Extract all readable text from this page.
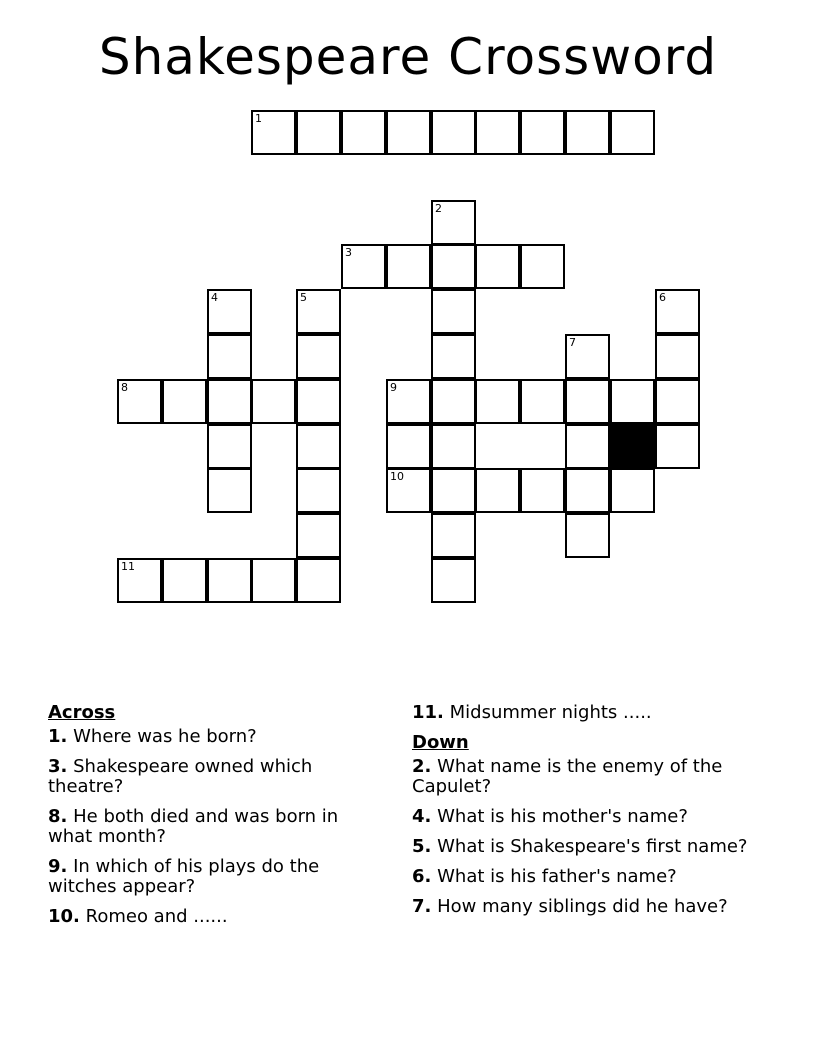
Shakespeare Crossword
1
3
2
4	5
8	9
6
7
10
11
Across
1. Where was he born?
3. Shakespeare owned which theatre?
8. He both died and was born in what month?
9. In which of his plays do the witches appear?
10. Romeo and ......
11. Midsummer nights .....
Down
2. What name is the enemy of the Capulet?
4. What is his mother's name?
5. What is Shakespeare's first name?
6. What is his father's name?
7. How many siblings did he have?
